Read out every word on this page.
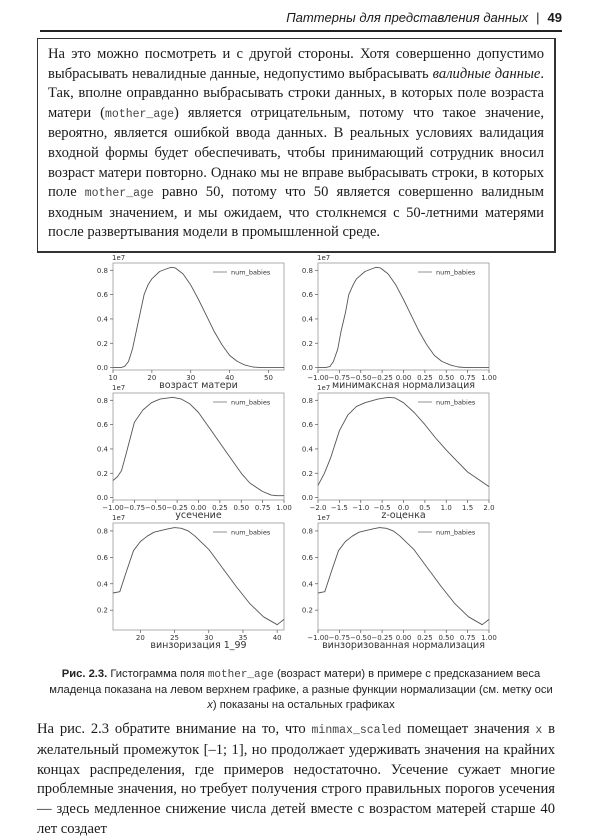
Паттерны для представления данных | 49
На это можно посмотреть и с другой стороны. Хотя совершенно допустимо выбрасывать невалидные данные, недопустимо выбрасывать валидные данные. Так, вполне оправданно выбрасывать строки данных, в которых поле возраста матери (mother_age) является отрицательным, потому что такое значение, вероятно, является ошибкой ввода данных. В реальных условиях валидация входной формы будет обеспечивать, чтобы принимающий сотрудник вносил возраст матери повторно. Однако мы не вправе выбрасывать строки, в которых поле mother_age равно 50, потому что 50 является совершенно валидным входным значением, и мы ожидаем, что столкнемся с 50-летними матерями после развертывания модели в промышленной среде.
1e7
0.0
0.2
0.4
0.6
0.8
10	20	30	40	50
возраст матери
num_babies
1e7
0.0
0.2
0.4
0.6
0.8
−1.00 −0.75 −0.50 −0.25 0.00 0.25 0.50 0.75 1.00
минимаксная нормализация
num_babies
1e7
0.0
0.2
0.4
0.6
0.8
−1.00 −0.75 −0.50 −0.25 0.00 0.25 0.50 0.75 1.00
усечение
num_babies
1e7
0.0
0.2
0.4
0.6
0.8
−2.0 −1.5 −1.0 −0.5 0.0 0.5 1.0 1.5 2.0
z-оценка
num_babies
1e7
0.2
0.4
0.6
0.8
20	25	30	35	40
винзоризация 1_99
num_babies
1e7
0.2
0.4
0.6
0.8
−1.00 −0.75 −0.50 −0.25 0.00 0.25 0.50 0.75 1.00
винзоризованная нормализация
num_babies
Рис. 2.3. Гистограмма поля mother_age (возраст матери) в примере с предсказанием веса младенца показана на левом верхнем графике, а разные функции нормализации (см. метку оси x) показаны на остальных графиках
На рис. 2.3 обратите внимание на то, что minmax_scaled помещает значения x в желательный промежуток [–1; 1], но продолжает удерживать значения на крайних концах распределения, где примеров недостаточно. Усечение сужает многие проблемные значения, но требует получения строго правильных порогов усечения — здесь медленное снижение числа детей вместе с возрастом матерей старше 40 лет создает
